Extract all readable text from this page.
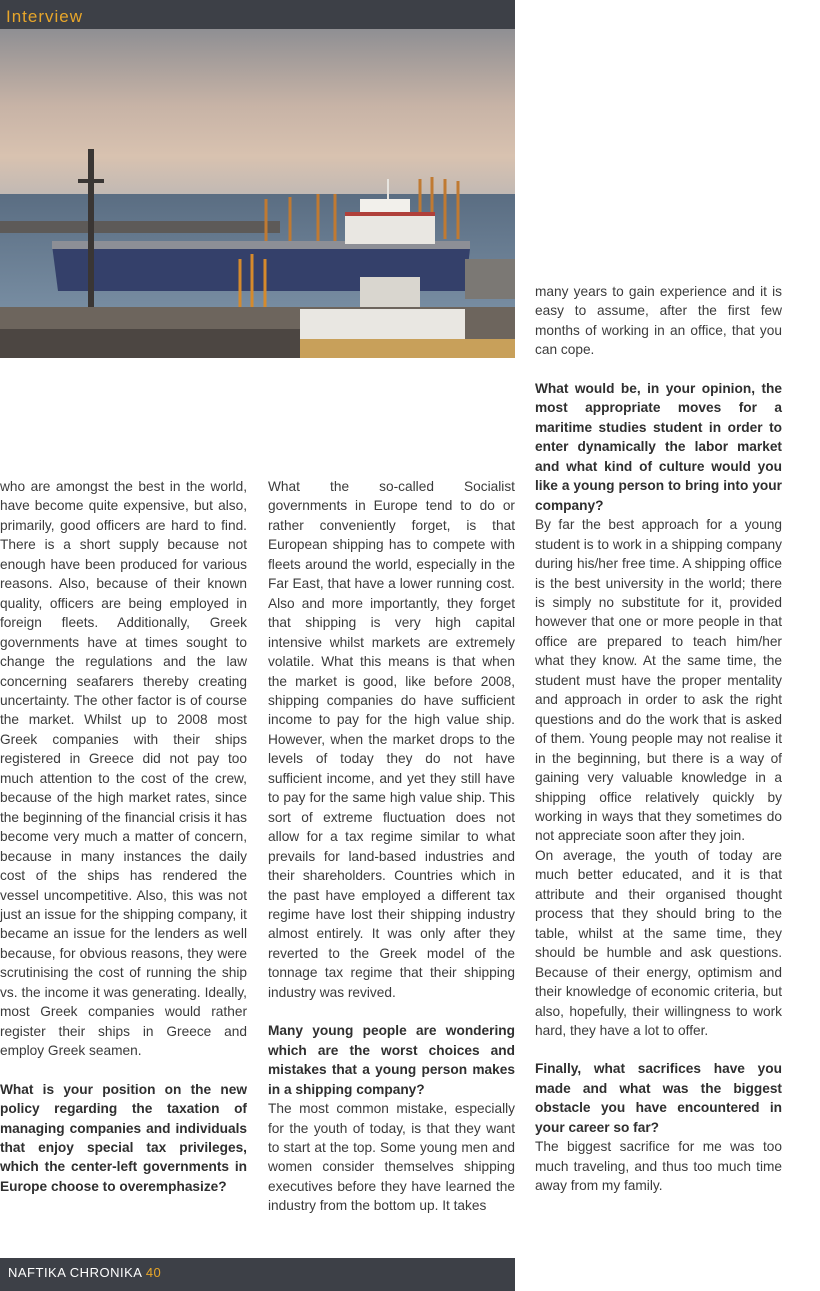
Interview

who are amongst the best in the world, have become quite expensive, but also, primarily, good officers are hard to find. There is a short supply because not enough have been produced for various reasons. Also, because of their known quality, officers are being employed in foreign fleets. Additionally, Greek governments have at times sought to change the regulations and the law concerning seafarers thereby creating uncertainty. The other factor is of course the market. Whilst up to 2008 most Greek companies with their ships registered in Greece did not pay too much attention to the cost of the crew, because of the high market rates, since the beginning of the financial crisis it has become very much a matter of concern, because in many instances the daily cost of the ships has rendered the vessel uncompetitive. Also, this was not just an issue for the shipping company, it became an issue for the lenders as well because, for obvious reasons, they were scrutinising the cost of running the ship vs. the income it was generating. Ideally, most Greek companies would rather register their ships in Greece and employ Greek seamen.

What is your position on the new policy regarding the taxation of managing companies and individuals that enjoy special tax privileges, which the center-left governments in Europe choose to overemphasize?

What the so-called Socialist governments in Europe tend to do or rather conveniently forget, is that European shipping has to compete with fleets around the world, especially in the Far East, that have a lower running cost. Also and more importantly, they forget that shipping is very high capital intensive whilst markets are extremely volatile. What this means is that when the market is good, like before 2008, shipping companies do have sufficient income to pay for the high value ship. However, when the market drops to the levels of today they do not have sufficient income, and yet they still have to pay for the same high value ship. This sort of extreme fluctuation does not allow for a tax regime similar to what prevails for land-based industries and their shareholders. Countries which in the past have employed a different tax regime have lost their shipping industry almost entirely. It was only after they reverted to the Greek model of the tonnage tax regime that their shipping industry was revived.

Many young people are wondering which are the worst choices and mistakes that a young person makes in a shipping company?

The most common mistake, especially for the youth of today, is that they want to start at the top. Some young men and women consider themselves shipping executives before they have learned the industry from the bottom up. It takes

many years to gain experience and it is easy to assume, after the first few months of working in an office, that you can cope.

What would be, in your opinion, the most appropriate moves for a maritime studies student in order to enter dynamically the labor market and what kind of culture would you like a young person to bring into your company?

By far the best approach for a young student is to work in a shipping company during his/her free time. A shipping office is the best university in the world; there is simply no substitute for it, provided however that one or more people in that office are prepared to teach him/her what they know. At the same time, the student must have the proper mentality and approach in order to ask the right questions and do the work that is asked of them. Young people may not realise it in the beginning, but there is a way of gaining very valuable knowledge in a shipping office relatively quickly by working in ways that they sometimes do not appreciate soon after they join.

On average, the youth of today are much better educated, and it is that attribute and their organised thought process that they should bring to the table, whilst at the same time, they should be humble and ask questions. Because of their energy, optimism and their knowledge of economic criteria, but also, hopefully, their willingness to work hard, they have a lot to offer.

Finally, what sacrifices have you made and what was the biggest obstacle you have encountered in your career so far?

The biggest sacrifice for me was too much traveling, and thus too much time away from my family.

NAFTIKA CHRONIKA 40
